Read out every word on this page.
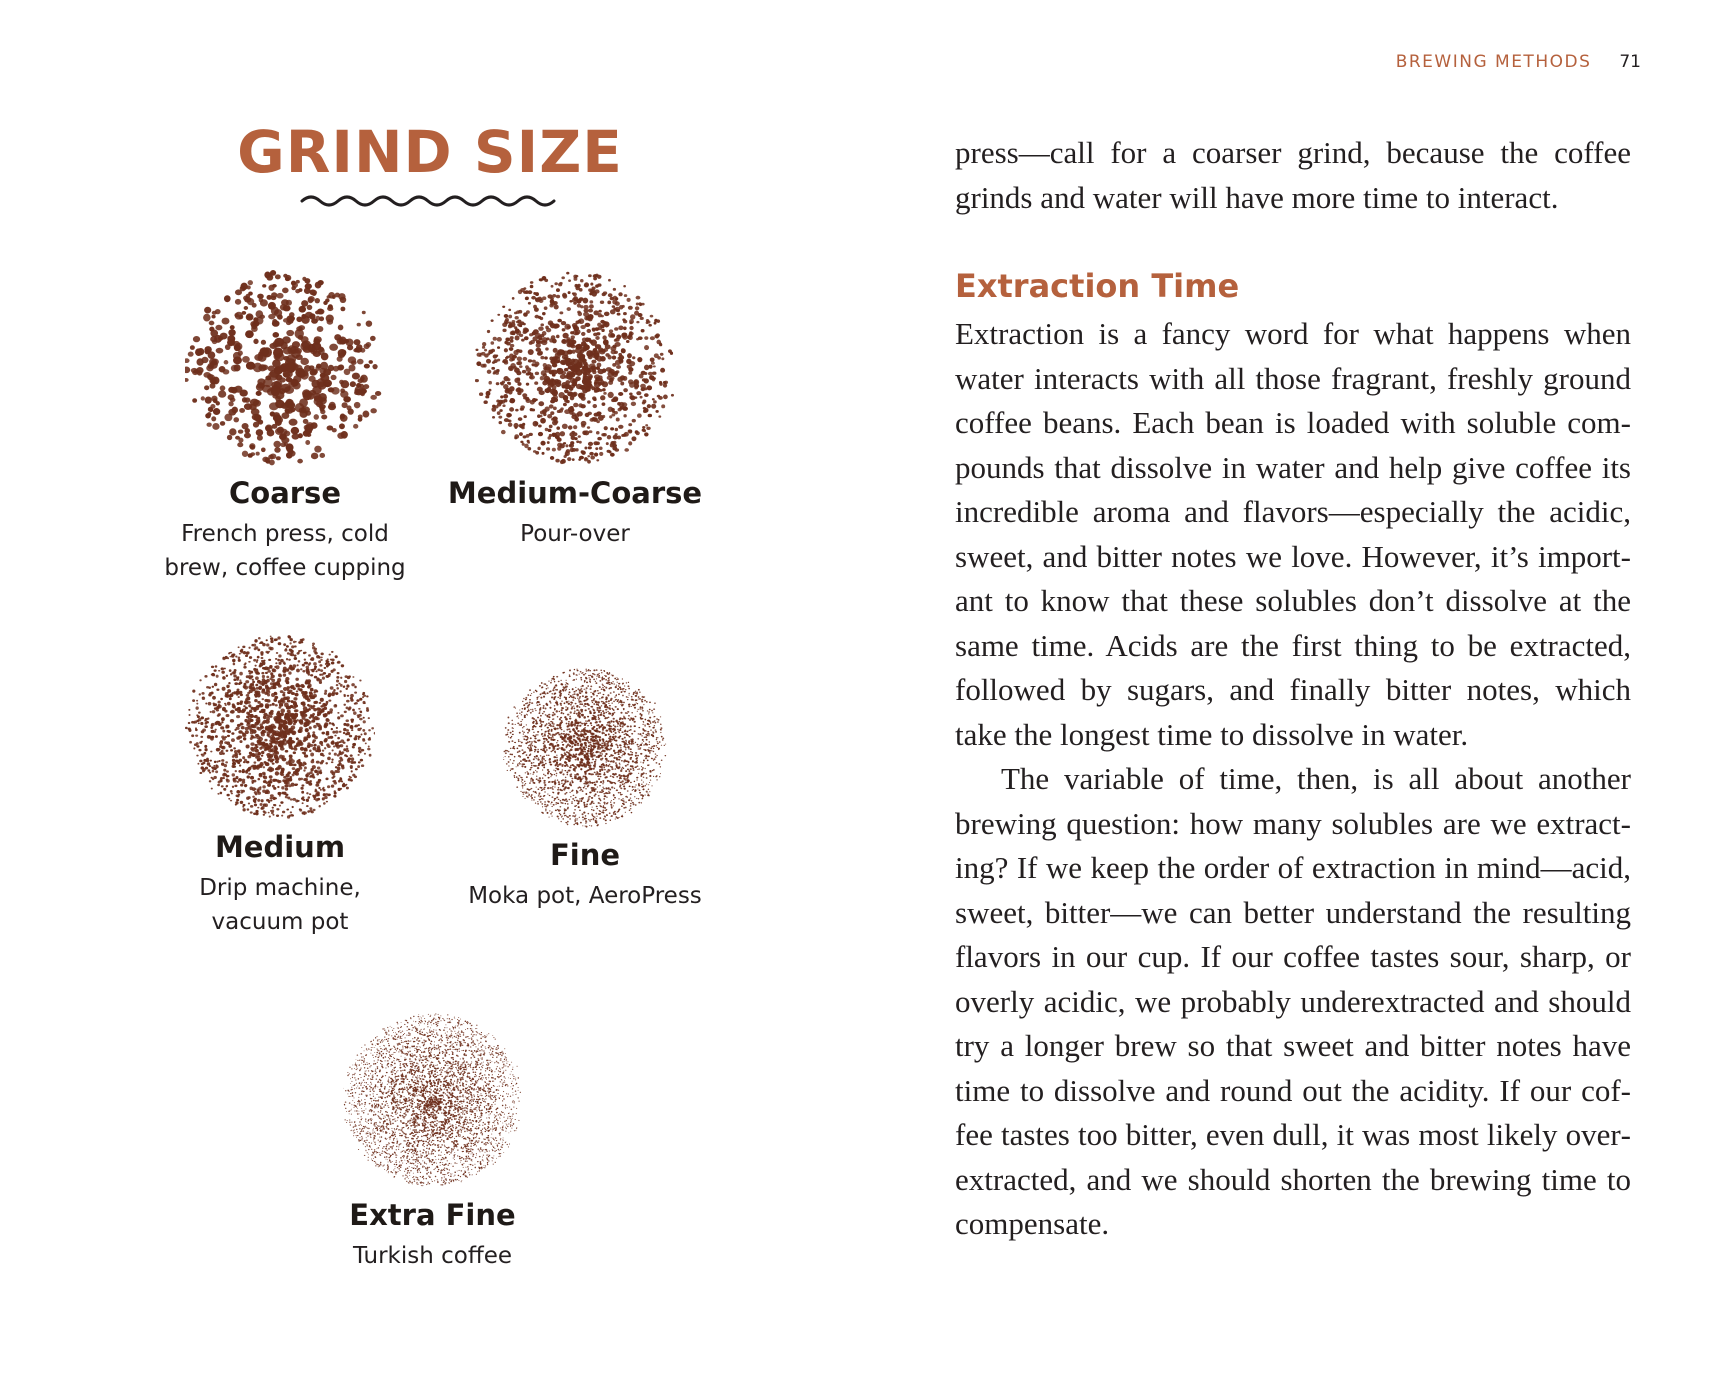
BREWING METHODS 71
GRIND SIZE
Coarse
French press, cold
brew, coffee cupping
Medium-Coarse
Pour-over
Medium
Drip machine,
vacuum pot
Fine
Moka pot, AeroPress
Extra Fine
Turkish coffee

press—call for a coarser grind, because the coffee grinds and water will have more time to interact.

Extraction Time

Extraction is a fancy word for what happens when water interacts with all those fragrant, freshly ground coffee beans. Each bean is loaded with soluble compounds that dissolve in water and help give coffee its incredible aroma and flavors—especially the acidic, sweet, and bitter notes we love. However, it’s important to know that these solubles don’t dissolve at the same time. Acids are the first thing to be extracted, followed by sugars, and finally bitter notes, which take the longest time to dissolve in water.

The variable of time, then, is all about another brewing question: how many solubles are we extracting? If we keep the order of extraction in mind—acid, sweet, bitter—we can better understand the resulting flavors in our cup. If our coffee tastes sour, sharp, or overly acidic, we probably underextracted and should try a longer brew so that sweet and bitter notes have time to dissolve and round out the acidity. If our coffee tastes too bitter, even dull, it was most likely overextracted, and we should shorten the brewing time to compensate.
